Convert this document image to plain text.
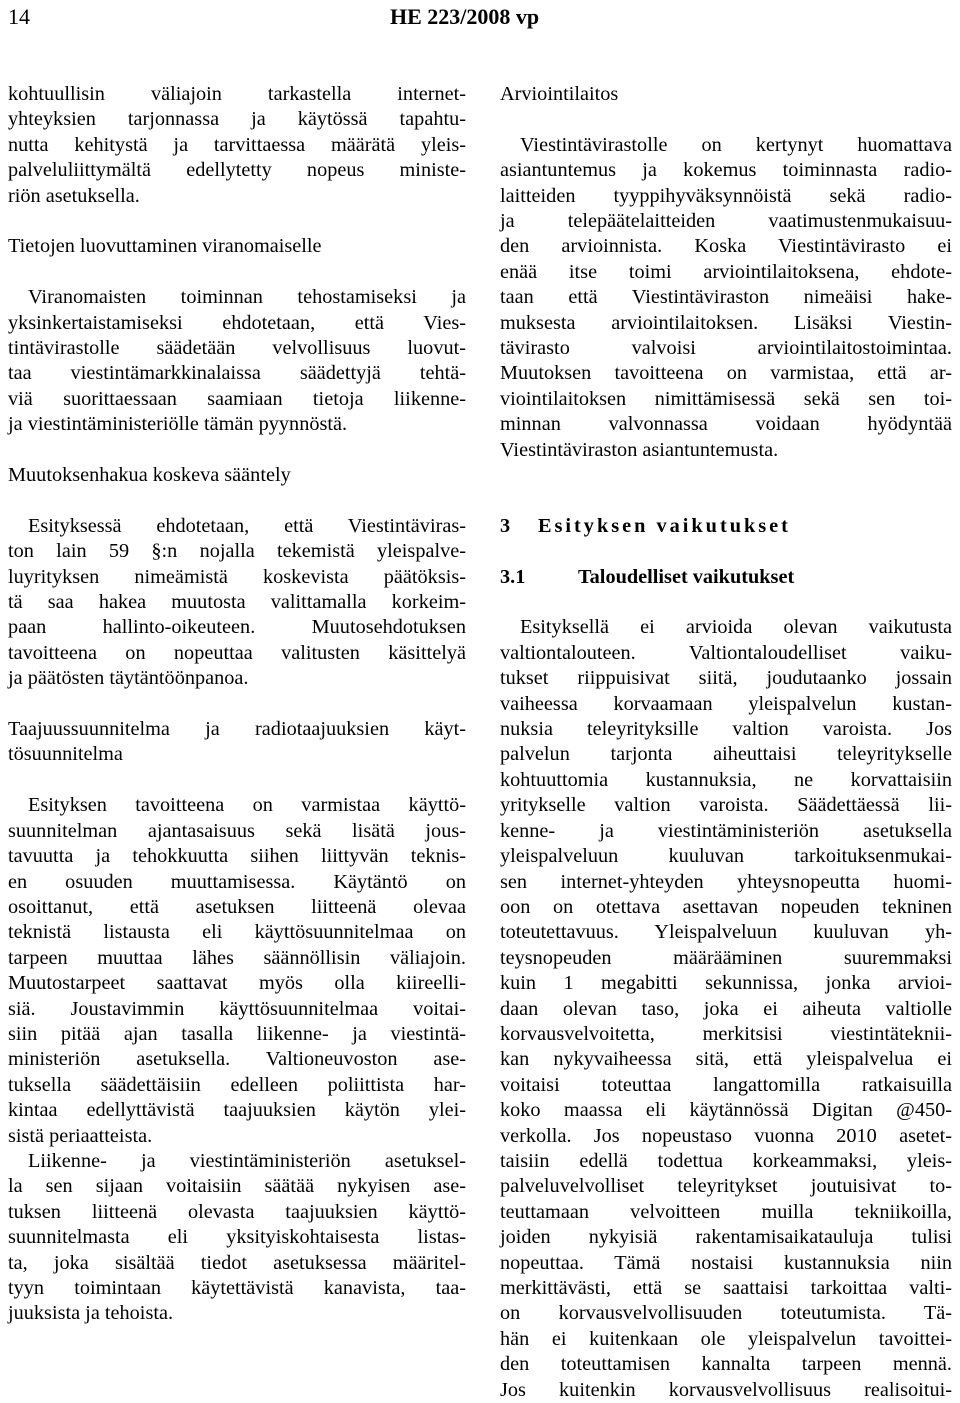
14	HE 223/2008 vp

kohtuullisin väliajoin tarkastella internet-

yhteyksien tarjonnassa ja käytössä tapahtu-

nutta kehitystä ja tarvittaessa määrätä yleis-

palveluliittymältä edellytetty nopeus ministe-

riön asetuksella.

Tietojen luovuttaminen viranomaiselle

Viranomaisten toiminnan tehostamiseksi ja

yksinkertaistamiseksi ehdotetaan, että Vies-

tintävirastolle säädetään velvollisuus luovut-

taa viestintämarkkinalaissa säädettyjä tehtä-

viä suorittaessaan saamiaan tietoja liikenne-

ja viestintäministeriölle tämän pyynnöstä.

Muutoksenhakua koskeva sääntely

Esityksessä ehdotetaan, että Viestintäviras-

ton lain 59 §:n nojalla tekemistä yleispalve-

luyrityksen nimeämistä koskevista päätöksis-

tä saa hakea muutosta valittamalla korkeim-

paan hallinto-oikeuteen. Muutosehdotuksen

tavoitteena on nopeuttaa valitusten käsittelyä

ja päätösten täytäntöönpanoa.

Taajuussuunnitelma ja radiotaajuuksien käyt-

tösuunnitelma

Esityksen tavoitteena on varmistaa käyttö-

suunnitelman ajantasaisuus sekä lisätä jous-

tavuutta ja tehokkuutta siihen liittyvän teknis-

en osuuden muuttamisessa. Käytäntö on

osoittanut, että asetuksen liitteenä olevaa

teknistä listausta eli käyttösuunnitelmaa on

tarpeen muuttaa lähes säännöllisin väliajoin.

Muutostarpeet saattavat myös olla kiireelli-

siä. Joustavimmin käyttösuunnitelmaa voitai-

siin pitää ajan tasalla liikenne- ja viestintä-

ministeriön asetuksella. Valtioneuvoston ase-

tuksella säädettäisiin edelleen poliittista har-

kintaa edellyttävistä taajuuksien käytön ylei-

sistä periaatteista.

Liikenne- ja viestintäministeriön asetuksel-

la sen sijaan voitaisiin säätää nykyisen ase-

tuksen liitteenä olevasta taajuuksien käyttö-

suunnitelmasta eli yksityiskohtaisesta listas-

ta, joka sisältää tiedot asetuksessa määritel-

tyyn toimintaan käytettävistä kanavista, taa-

juuksista ja tehoista.

Arviointilaitos

Viestintävirastolle on kertynyt huomattava

asiantuntemus ja kokemus toiminnasta radio-

laitteiden tyyppihyväksynnöistä sekä radio-

ja telepäätelaitteiden vaatimustenmukaisuu-

den arvioinnista. Koska Viestintävirasto ei

enää itse toimi arviointilaitoksena, ehdote-

taan että Viestintäviraston nimeäisi hake-

muksesta arviointilaitoksen. Lisäksi Viestin-

tävirasto valvoisi arviointilaitostoimintaa.

Muutoksen tavoitteena on varmistaa, että ar-

viointilaitoksen nimittämisessä sekä sen toi-

minnan valvonnassa voidaan hyödyntää

Viestintäviraston asiantuntemusta.

3 Esityksen vaikutukset

3.1	Taloudelliset vaikutukset

Esityksellä ei arvioida olevan vaikutusta

valtiontalouteen. Valtiontaloudelliset vaiku-

tukset riippuisivat siitä, joudutaanko jossain

vaiheessa korvaamaan yleispalvelun kustan-

nuksia teleyrityksille valtion varoista. Jos

palvelun tarjonta aiheuttaisi teleyritykselle

kohtuuttomia kustannuksia, ne korvattaisiin

yritykselle valtion varoista. Säädettäessä lii-

kenne- ja viestintäministeriön asetuksella

yleispalveluun kuuluvan tarkoituksenmukai-

sen internet-yhteyden yhteysnopeutta huomi-

oon on otettava asettavan nopeuden tekninen

toteutettavuus. Yleispalveluun kuuluvan yh-

teysnopeuden määrääminen suuremmaksi

kuin 1 megabitti sekunnissa, jonka arvioi-

daan olevan taso, joka ei aiheuta valtiolle

korvausvelvoitetta, merkitsisi viestintäteknii-

kan nykyvaiheessa sitä, että yleispalvelua ei

voitaisi toteuttaa langattomilla ratkaisuilla

koko maassa eli käytännössä Digitan @450-

verkolla. Jos nopeustaso vuonna 2010 asetet-

taisiin edellä todettua korkeammaksi, yleis-

palveluvelvolliset teleyritykset joutuisivat to-

teuttamaan velvoitteen muilla tekniikoilla,

joiden nykyisiä rakentamisaikatauluja tulisi

nopeuttaa. Tämä nostaisi kustannuksia niin

merkittävästi, että se saattaisi tarkoittaa valti-

on korvausvelvollisuuden toteutumista. Tä-

hän ei kuitenkaan ole yleispalvelun tavoittei-

den toteuttamisen kannalta tarpeen mennä.

Jos kuitenkin korvausvelvollisuus realisoitui-
